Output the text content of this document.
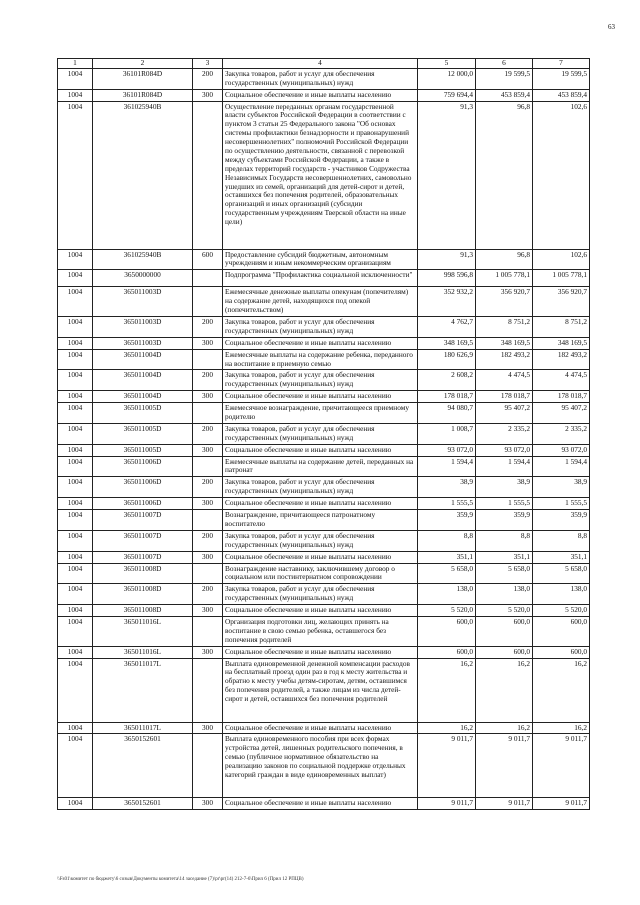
63
1	2	3	4	5	6	7
1004	36101R084D	200	Закупка товаров, работ и услуг для обеспечения государственных (муниципальных) нужд	12 000,0	19 599,5	19 599,5
1004	36101R084D	300	Социальное обеспечение и иные выплаты населению	759 694,4	453 859,4	453 859,4
1004	361025940В		Осуществление переданных органам государственной власти субъектов Российской Федерации в соответствии с пунктом 3 статьи 25 Федерального закона "Об основах системы профилактики безнадзорности и правонарушений несовершеннолетних" полномочий Российской Федерации по осуществлению деятельности, связанной с перевозкой между субъектами Российской Федерации, а также в пределах территорий государств - участников Содружества Независимых Государств несовершеннолетних, самовольно ушедших из семей, организаций для детей-сирот и детей, оставшихся без попечения родителей, образовательных организаций и иных организаций (субсидии государственным учреждениям Тверской области на иные цели)	91,3	96,8	102,6
1004	361025940В	600	Предоставление субсидий бюджетным, автономным учреждениям и иным некоммерческим организациям	91,3	96,8	102,6
1004	3650000000		Подпрограмма "Профилактика социальной исключенности"	998 596,8	1 005 778,1	1 005 778,1
1004	365011003D		Ежемесячные денежные выплаты опекунам (попечителям) на содержание детей, находящихся под опекой (попечительством)	352 932,2	356 920,7	356 920,7
1004	365011003D	200	Закупка товаров, работ и услуг для обеспечения государственных (муниципальных) нужд	4 762,7	8 751,2	8 751,2
1004	365011003D	300	Социальное обеспечение и иные выплаты населению	348 169,5	348 169,5	348 169,5
1004	365011004D		Ежемесячные выплаты на содержание ребенка, переданного на воспитание в приемную семью	180 626,9	182 493,2	182 493,2
1004	365011004D	200	Закупка товаров, работ и услуг для обеспечения государственных (муниципальных) нужд	2 608,2	4 474,5	4 474,5
1004	365011004D	300	Социальное обеспечение и иные выплаты населению	178 018,7	178 018,7	178 018,7
1004	365011005D		Ежемесячное вознаграждение, причитающееся приемному родителю	94 080,7	95 407,2	95 407,2
1004	365011005D	200	Закупка товаров, работ и услуг для обеспечения государственных (муниципальных) нужд	1 008,7	2 335,2	2 335,2
1004	365011005D	300	Социальное обеспечение и иные выплаты населению	93 072,0	93 072,0	93 072,0
1004	365011006D		Ежемесячные выплаты на содержание детей, переданных на патронат	1 594,4	1 594,4	1 594,4
1004	365011006D	200	Закупка товаров, работ и услуг для обеспечения государственных (муниципальных) нужд	38,9	38,9	38,9
1004	365011006D	300	Социальное обеспечение и иные выплаты населению	1 555,5	1 555,5	1 555,5
1004	365011007D		Вознаграждение, причитающееся патронатному воспитателю	359,9	359,9	359,9
1004	365011007D	200	Закупка товаров, работ и услуг для обеспечения государственных (муниципальных) нужд	8,8	8,8	8,8
1004	365011007D	300	Социальное обеспечение и иные выплаты населению	351,1	351,1	351,1
1004	365011008D		Вознаграждение наставнику, заключившему договор о социальном или постинтернатном сопровождении	5 658,0	5 658,0	5 658,0
1004	365011008D	200	Закупка товаров, работ и услуг для обеспечения государственных (муниципальных) нужд	138,0	138,0	138,0
1004	365011008D	300	Социальное обеспечение и иные выплаты населению	5 520,0	5 520,0	5 520,0
1004	365011016L		Организация подготовки лиц, желающих принять на воспитание в свою семью ребенка, оставшегося без попечения родителей	600,0	600,0	600,0
1004	365011016L	300	Социальное обеспечение и иные выплаты населению	600,0	600,0	600,0
1004	365011017L		Выплата единовременной денежной компенсации расходов на бесплатный проезд один раз в год к месту жительства и обратно к месту учебы детям-сиротам, детям, оставшимся без попечения родителей, а также лицам из числа детей-сирот и детей, оставшихся без попечения родителей	16,2	16,2	16,2
1004	365011017L	300	Социальное обеспечение и иные выплаты населению	16,2	16,2	16,2
1004	3650152601		Выплата единовременного пособия при всех формах устройства детей, лишенных родительского попечения, в семью (публичное нормативное обязательство на реализацию законов по социальной поддержке отдельных категорий граждан в виде единовременных выплат)	9 011,7	9 011,7	9 011,7
1004	3650152601	300	Социальное обеспечение и иные выплаты населению	9 011,7	9 011,7	9 011,7
\\Fs01\комитет по бюджету\6 созыв\Документы комитета\14 заседание (7)\pr\pr(14) 212-7-6\Прил 6 (Прил 12 РПЦВ)
